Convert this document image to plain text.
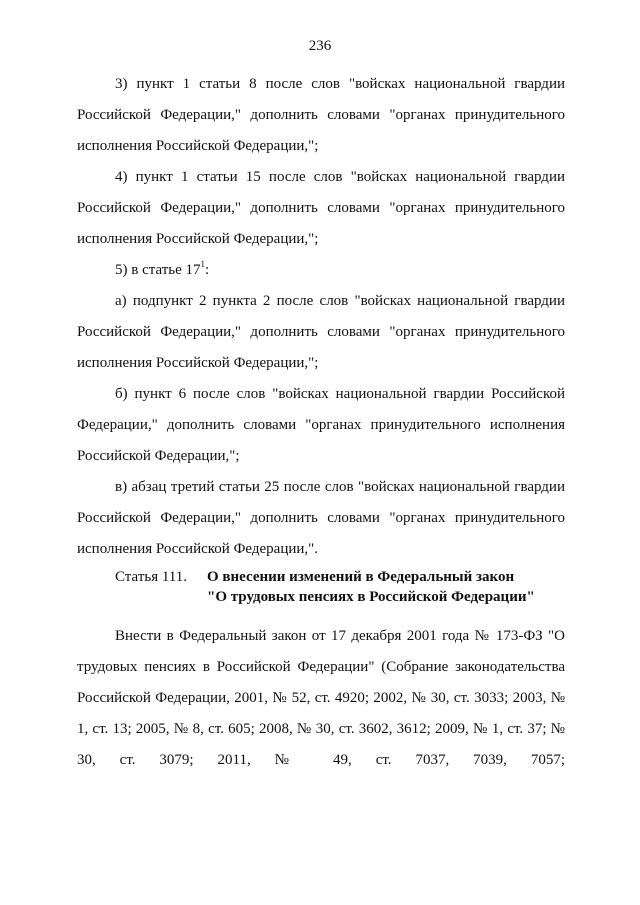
236

3) пункт 1 статьи 8 после слов "войсках национальной гвардии Российской Федерации," дополнить словами "органах принудительного исполнения Российской Федерации,";

4) пункт 1 статьи 15 после слов "войсках национальной гвардии Российской Федерации," дополнить словами "органах принудительного исполнения Российской Федерации,";

5) в статье $17^1$:

а) подпункт 2 пункта 2 после слов "войсках национальной гвардии Российской Федерации," дополнить словами "органах принудительного исполнения Российской Федерации,";

б) пункт 6 после слов "войсках национальной гвардии Российской Федерации," дополнить словами "органах принудительного исполнения Российской Федерации,";

в) абзац третий статьи 25 после слов "войсках национальной гвардии Российской Федерации," дополнить словами "органах принудительного исполнения Российской Федерации,".

Статья 111.	О внесении изменений в Федеральный закон
"О трудовых пенсиях в Российской Федерации"

Внести в Федеральный закон от 17 декабря 2001 года № 173-ФЗ "О трудовых пенсиях в Российской Федерации" (Собрание законодательства Российской Федерации, 2001, № 52, ст. 4920; 2002, № 30, ст. 3033; 2003, № 1, ст. 13; 2005, № 8, ст. 605; 2008, № 30, ст. 3602, 3612; 2009, № 1, ст. 37; № 30, ст. 3079; 2011, № 49, ст. 7037, 7039, 7057;
